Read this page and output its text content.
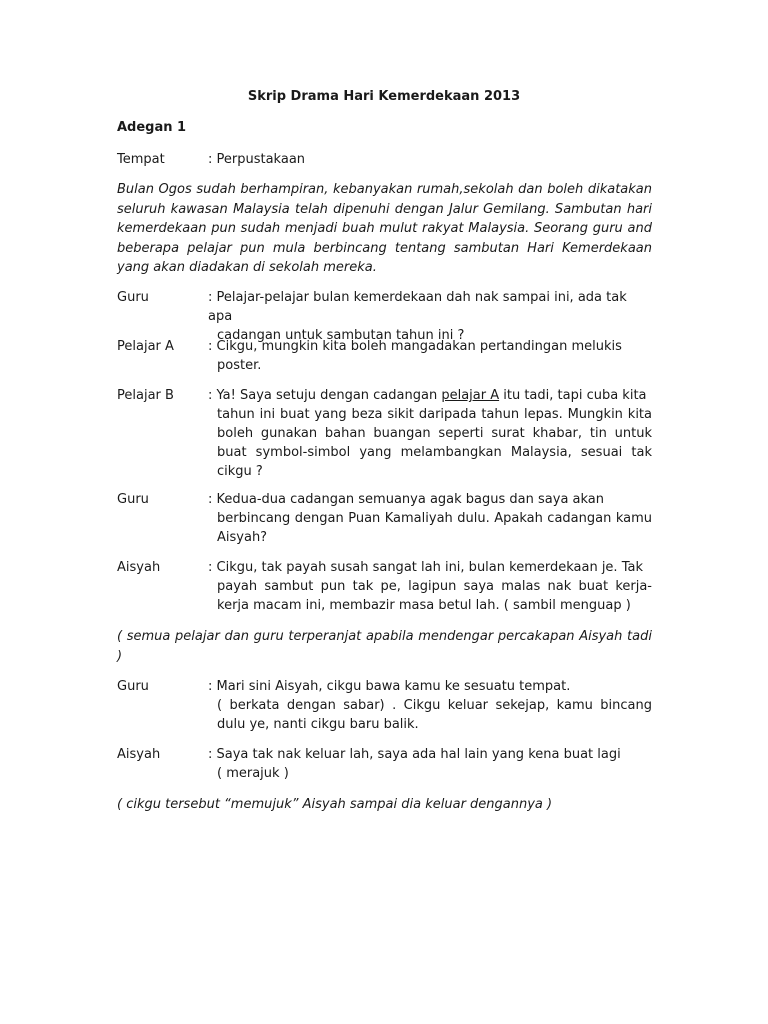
Skrip Drama Hari Kemerdekaan 2013
Adegan 1
Tempat	: Perpustakaan
Bulan Ogos sudah berhampiran, kebanyakan rumah,sekolah dan boleh dikatakan seluruh kawasan Malaysia telah dipenuhi dengan Jalur Gemilang. Sambutan hari kemerdekaan pun sudah menjadi buah mulut rakyat Malaysia. Seorang guru and beberapa pelajar pun mula berbincang tentang sambutan Hari Kemerdekaan yang akan diadakan di sekolah mereka.
Guru	: Pelajar-pelajar bulan kemerdekaan dah nak sampai ini, ada tak apa
cadangan untuk sambutan tahun ini ?
Pelajar A	: Cikgu, mungkin kita boleh mangadakan pertandingan melukis
poster.
Pelajar B	: Ya! Saya setuju dengan cadangan pelajar A itu tadi, tapi cuba kita
tahun ini buat yang beza sikit daripada tahun lepas. Mungkin kita boleh gunakan bahan buangan seperti surat khabar, tin untuk buat symbol-simbol yang melambangkan Malaysia, sesuai tak cikgu ?
Guru	: Kedua-dua cadangan semuanya agak bagus dan saya akan
berbincang dengan Puan Kamaliyah dulu. Apakah cadangan kamu Aisyah?
Aisyah	: Cikgu, tak payah susah sangat lah ini, bulan kemerdekaan je. Tak
payah sambut pun tak pe, lagipun saya malas nak buat kerja-kerja macam ini, membazir masa betul lah. ( sambil menguap )
( semua pelajar dan guru terperanjat apabila mendengar percakapan Aisyah tadi )
Guru	: Mari sini Aisyah, cikgu bawa kamu ke sesuatu tempat.
( berkata dengan sabar) . Cikgu keluar sekejap, kamu bincang dulu ye, nanti cikgu baru balik.
Aisyah	: Saya tak nak keluar lah, saya ada hal lain yang kena buat lagi
( merajuk )
( cikgu tersebut “memujuk” Aisyah sampai dia keluar dengannya )
